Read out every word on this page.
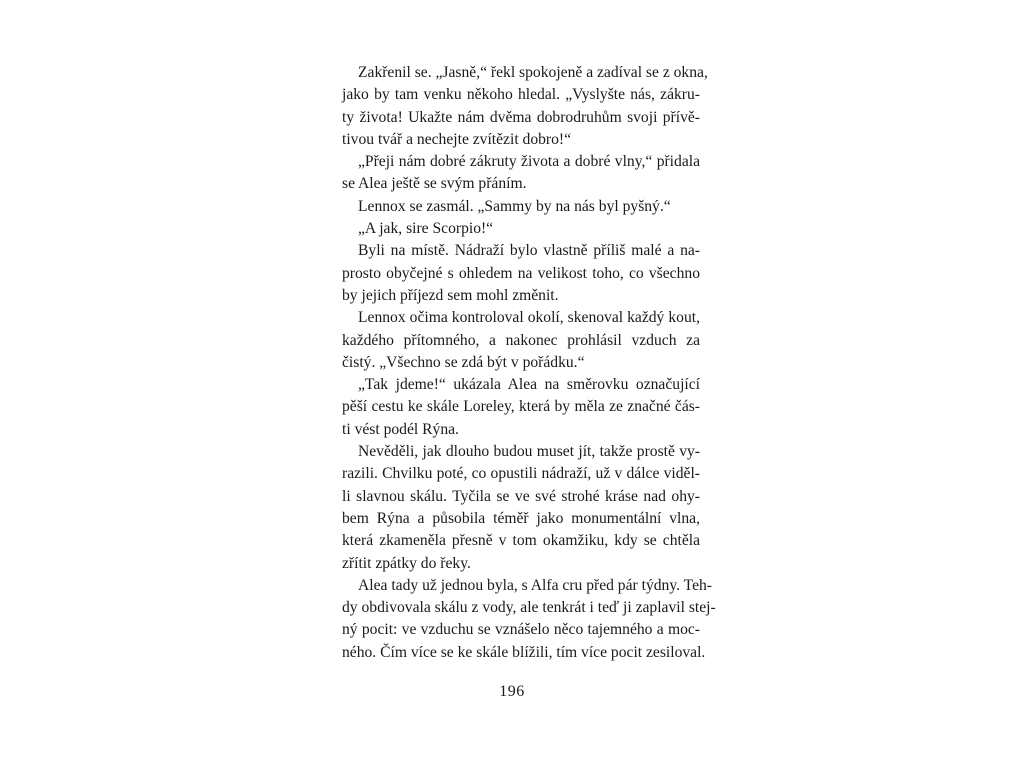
Zakřenil se. „Jasně,“ řekl spokojeně a zadíval se z okna,
jako by tam venku někoho hledal. „Vyslyšte nás, zákru-
ty života! Ukažte nám dvěma dobrodruhům svoji přívě-
tivou tvář a nechejte zvítězit dobro!“

„Přeji nám dobré zákruty života a dobré vlny,“ přidala
se Alea ještě se svým přáním.

Lennox se zasmál. „Sammy by na nás byl pyšný.“

„A jak, sire Scorpio!“

Byli na místě. Nádraží bylo vlastně příliš malé a na-
prosto obyčejné s ohledem na velikost toho, co všechno
by jejich příjezd sem mohl změnit.

Lennox očima kontroloval okolí, skenoval každý kout,
každého přítomného, a nakonec prohlásil vzduch za
čistý. „Všechno se zdá být v pořádku.“

„Tak jdeme!“ ukázala Alea na směrovku označující
pěší cestu ke skále Loreley, která by měla ze značné čás-
ti vést podél Rýna.

Nevěděli, jak dlouho budou muset jít, takže prostě vy-
razili. Chvilku poté, co opustili nádraží, už v dálce viděl-
li slavnou skálu. Tyčila se ve své strohé kráse nad ohy-
bem Rýna a působila téměř jako monumentální vlna,
která zkameněla přesně v tom okamžiku, kdy se chtěla
zřítit zpátky do řeky.

Alea tady už jednou byla, s Alfa cru před pár týdny. Teh-
dy obdivovala skálu z vody, ale tenkrát i teď ji zaplavil stej-
ný pocit: ve vzduchu se vznášelo něco tajemného a moc-
ného. Čím více se ke skále blížili, tím více pocit zesiloval.

196
